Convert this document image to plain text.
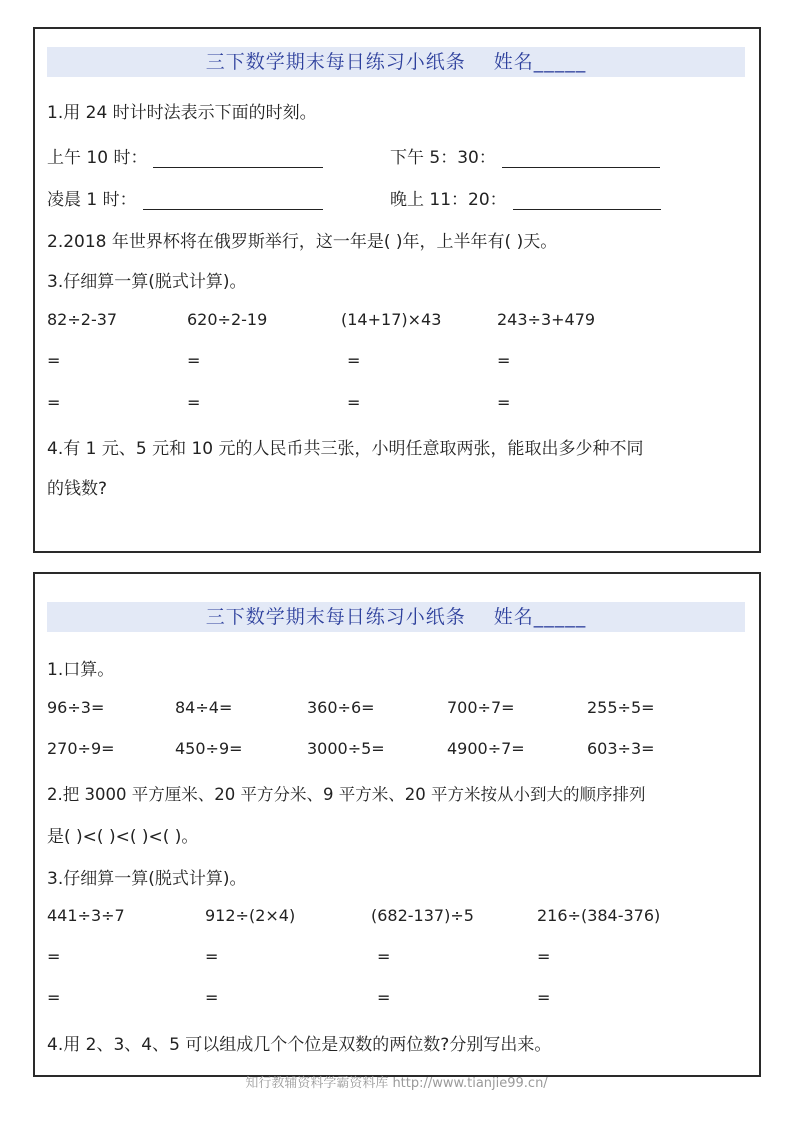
三下数学期末每日练习小纸条 姓名_____
1.用 24 时计时法表示下面的时刻。
上午 10 时：	下午 5：30：
凌晨 1 时：	晚上 11：20：
2.2018 年世界杯将在俄罗斯举行，这一年是( )年，上半年有( )天。
3.仔细算一算(脱式计算)。
82÷2-37	620÷2-19	(14+17)×43	243÷3+479
=	=	=	=
=	=	=	=
4.有 1 元、5 元和 10 元的人民币共三张，小明任意取两张，能取出多少种不同
的钱数?
三下数学期末每日练习小纸条 姓名_____
1.口算。
96÷3=	84÷4=	360÷6=	700÷7=	255÷5=
270÷9=	450÷9=	3000÷5=	4900÷7=	603÷3=
2.把 3000 平方厘米、20 平方分米、9 平方米、20 平方米按从小到大的顺序排列
是( )<( )<( )<( )。
3.仔细算一算(脱式计算)。
441÷3÷7	912÷(2×4)	(682-137)÷5	216÷(384-376)
=	=	=	=
=	=	=	=
4.用 2、3、4、5 可以组成几个个位是双数的两位数?分别写出来。
知行教辅资料学霸资料库 http://www.tianjie99.cn/
